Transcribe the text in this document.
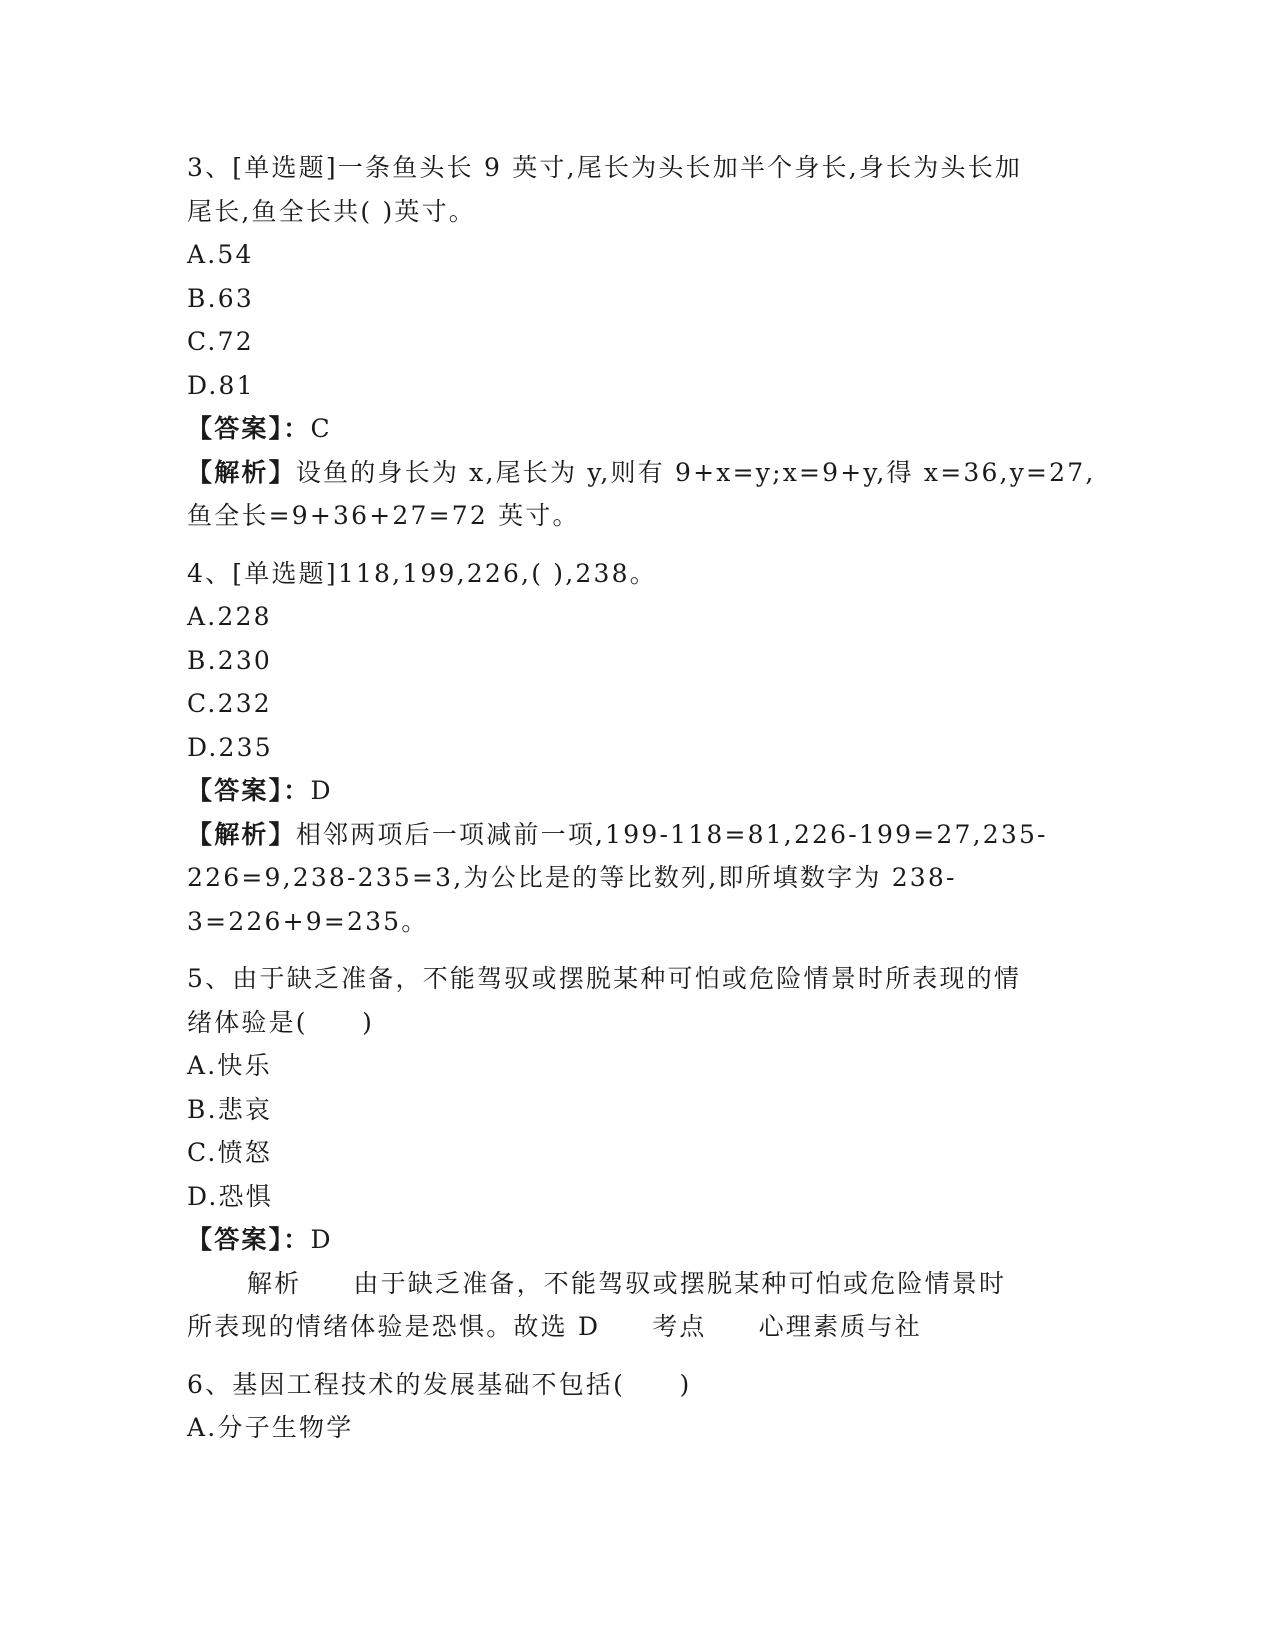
3、[单选题]一条鱼头长 9 英寸,尾长为头长加半个身长,身长为头长加

尾长,鱼全长共( )英寸。

A.54

B.63

C.72

D.81

【答案】：C

【解析】设鱼的身长为 x,尾长为 y,则有 9+x=y;x=9+y,得 x=36,y=27,

鱼全长=9+36+27=72 英寸。

4、[单选题]118,199,226,( ),238。

A.228

B.230

C.232

D.235

【答案】：D

【解析】相邻两项后一项减前一项,199-118=81,226-199=27,235-

226=9,238-235=3,为公比是的等比数列,即所填数字为 238-

3=226+9=235。

5、由于缺乏准备，不能驾驭或摆脱某种可怕或危险情景时所表现的情

绪体验是(　　)

A.快乐

B.悲哀

C.愤怒

D.恐惧

【答案】：D

解析 由于缺乏准备，不能驾驭或摆脱某种可怕或危险情景时

所表现的情绪体验是恐惧。故选 D 考点 心理素质与社

6、基因工程技术的发展基础不包括(　　)

A.分子生物学
